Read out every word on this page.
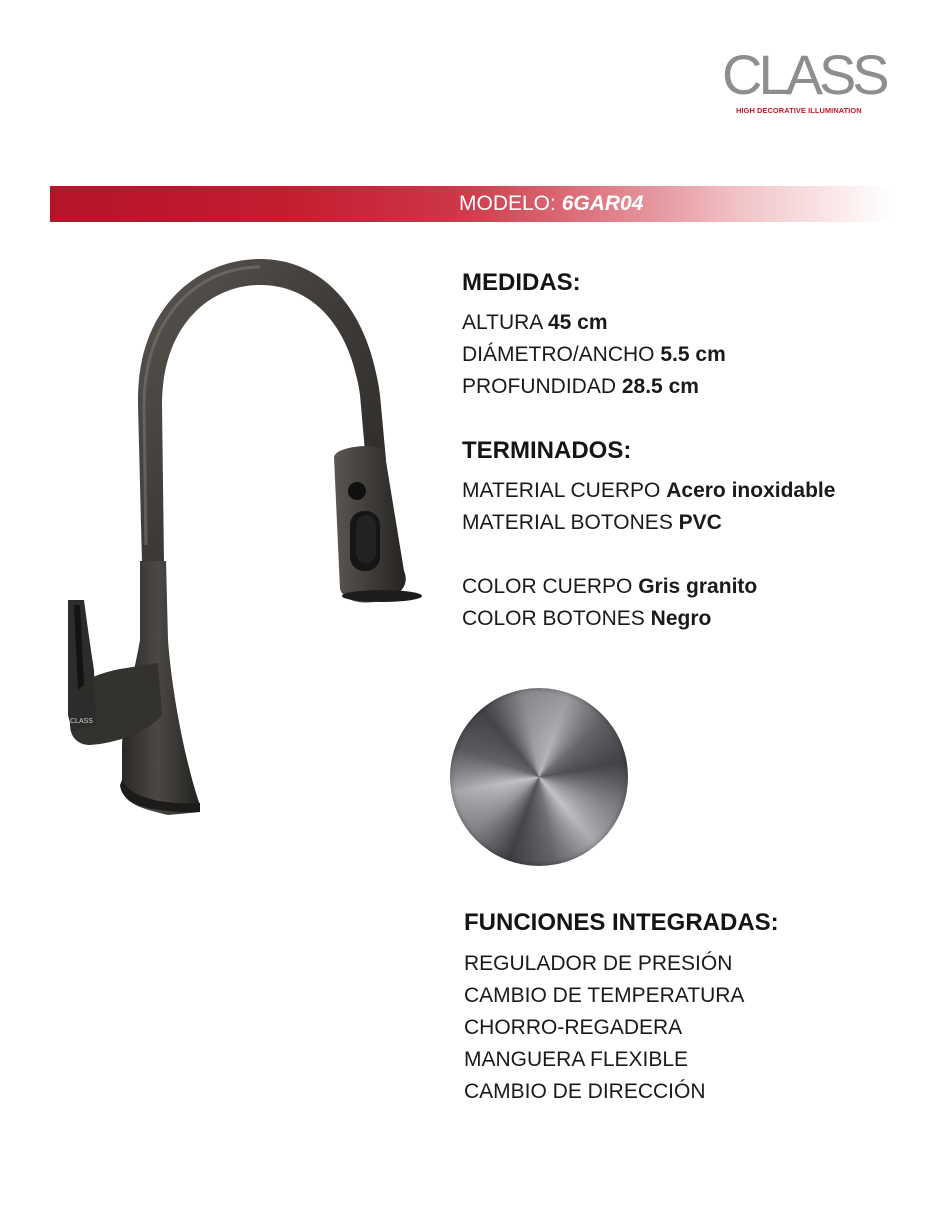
CLASS
HIGH DECORATIVE ILLUMINATION
MODELO: 6GAR04
CLASS
MEDIDAS:
ALTURA 45 cm
DIÁMETRO/ANCHO 5.5 cm
PROFUNDIDAD 28.5 cm
TERMINADOS:
MATERIAL CUERPO Acero inoxidable
MATERIAL BOTONES PVC
COLOR CUERPO Gris granito
COLOR BOTONES Negro
FUNCIONES INTEGRADAS:
REGULADOR DE PRESIÓN
CAMBIO DE TEMPERATURA
CHORRO-REGADERA
MANGUERA FLEXIBLE
CAMBIO DE DIRECCIÓN
